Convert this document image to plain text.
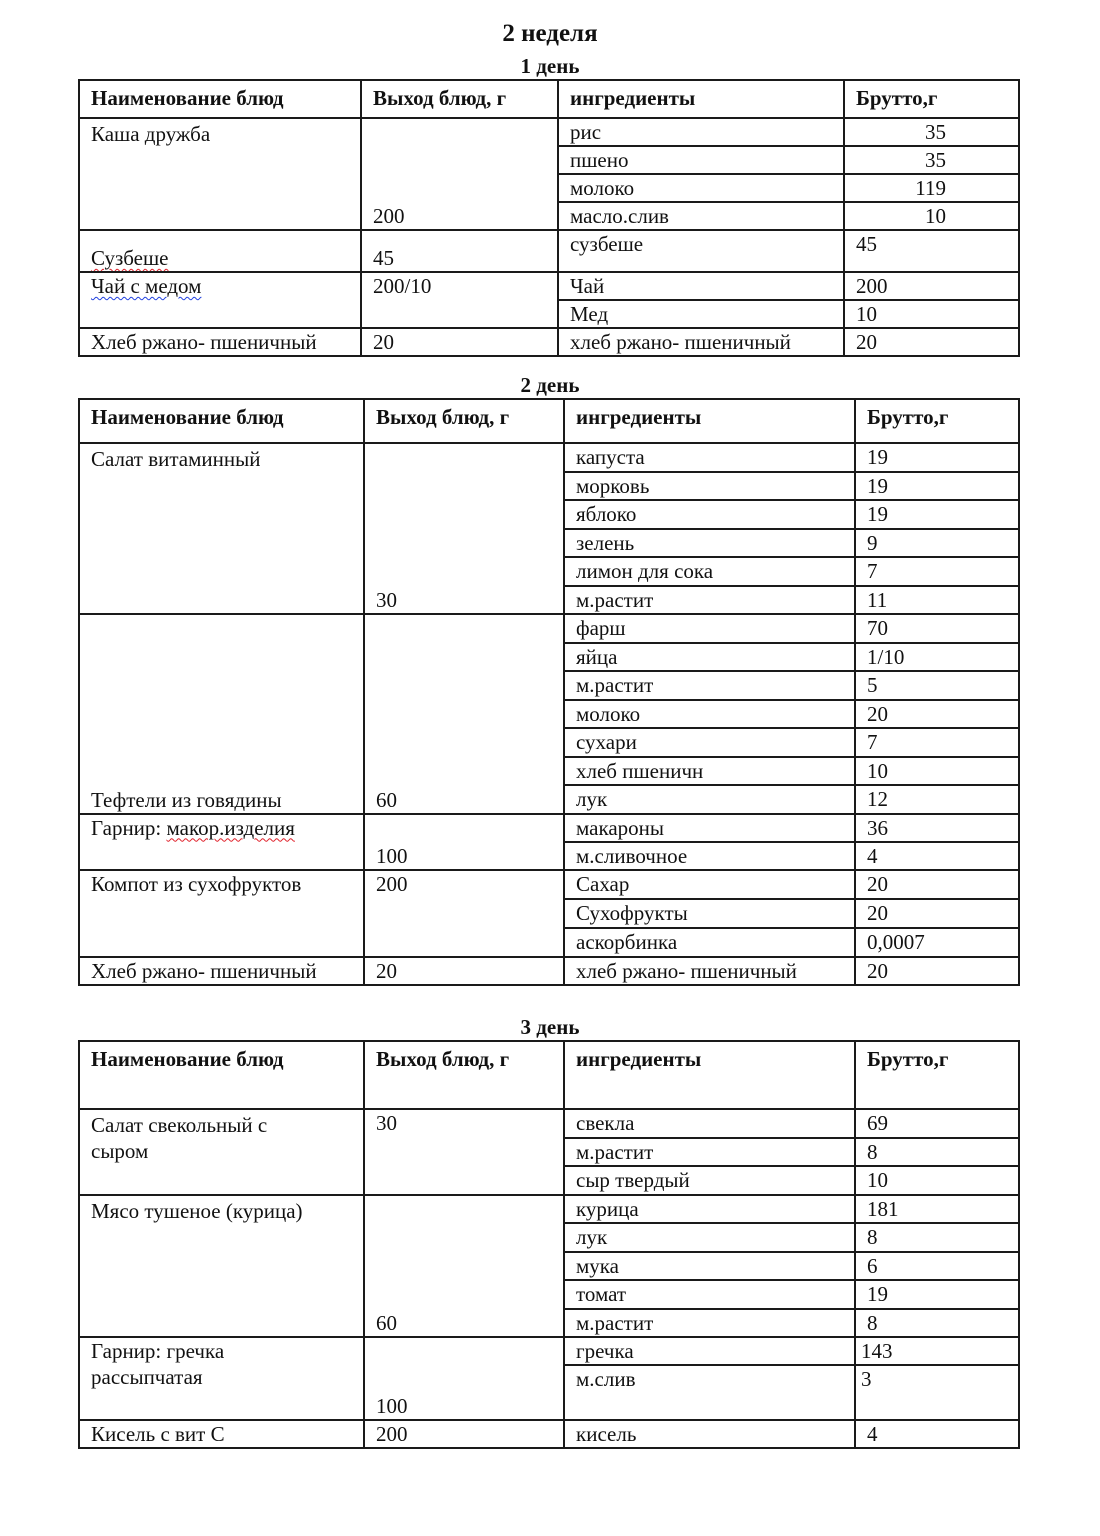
2 неделя
1 день
Наименование блюд	Выход блюд, г	ингредиенты	Брутто,г
Каша дружба	200	рис	35
		пшено	35
		молоко	119
		масло.слив	10
Сузбеше	45	сузбеше	45
Чай с медом	200/10	Чай	200
		Мед	10
Хлеб ржано- пшеничный	20	хлеб ржано- пшеничный	20
2 день
Наименование блюд	Выход блюд, г	ингредиенты	Брутто,г
Салат витаминный	30	капуста	19
		морковь	19
		яблоко	19
		зелень	9
		лимон для сока	7
		м.растит	11
Тефтели из говядины	60	фарш	70
		яйца	1/10
		м.растит	5
		молоко	20
		сухари	7
		хлеб пшеничн	10
		лук	12
Гарнир: макор.изделия	100	макароны	36
		м.сливочное	4
Компот из сухофруктов	200	Сахар	20
		Сухофрукты	20
		аскорбинка	0,0007
Хлеб ржано- пшеничный	20	хлеб ржано- пшеничный	20
3 день
Наименование блюд	Выход блюд, г	ингредиенты	Брутто,г
Салат свекольный с сыром	30	свекла	69
		м.растит	8
		сыр твердый	10
Мясо тушеное (курица)	60	курица	181
		лук	8
		мука	6
		томат	19
		м.растит	8
Гарнир: гречка рассыпчатая	100	гречка	143
		м.слив	3
Кисель с вит С	200	кисель	4
